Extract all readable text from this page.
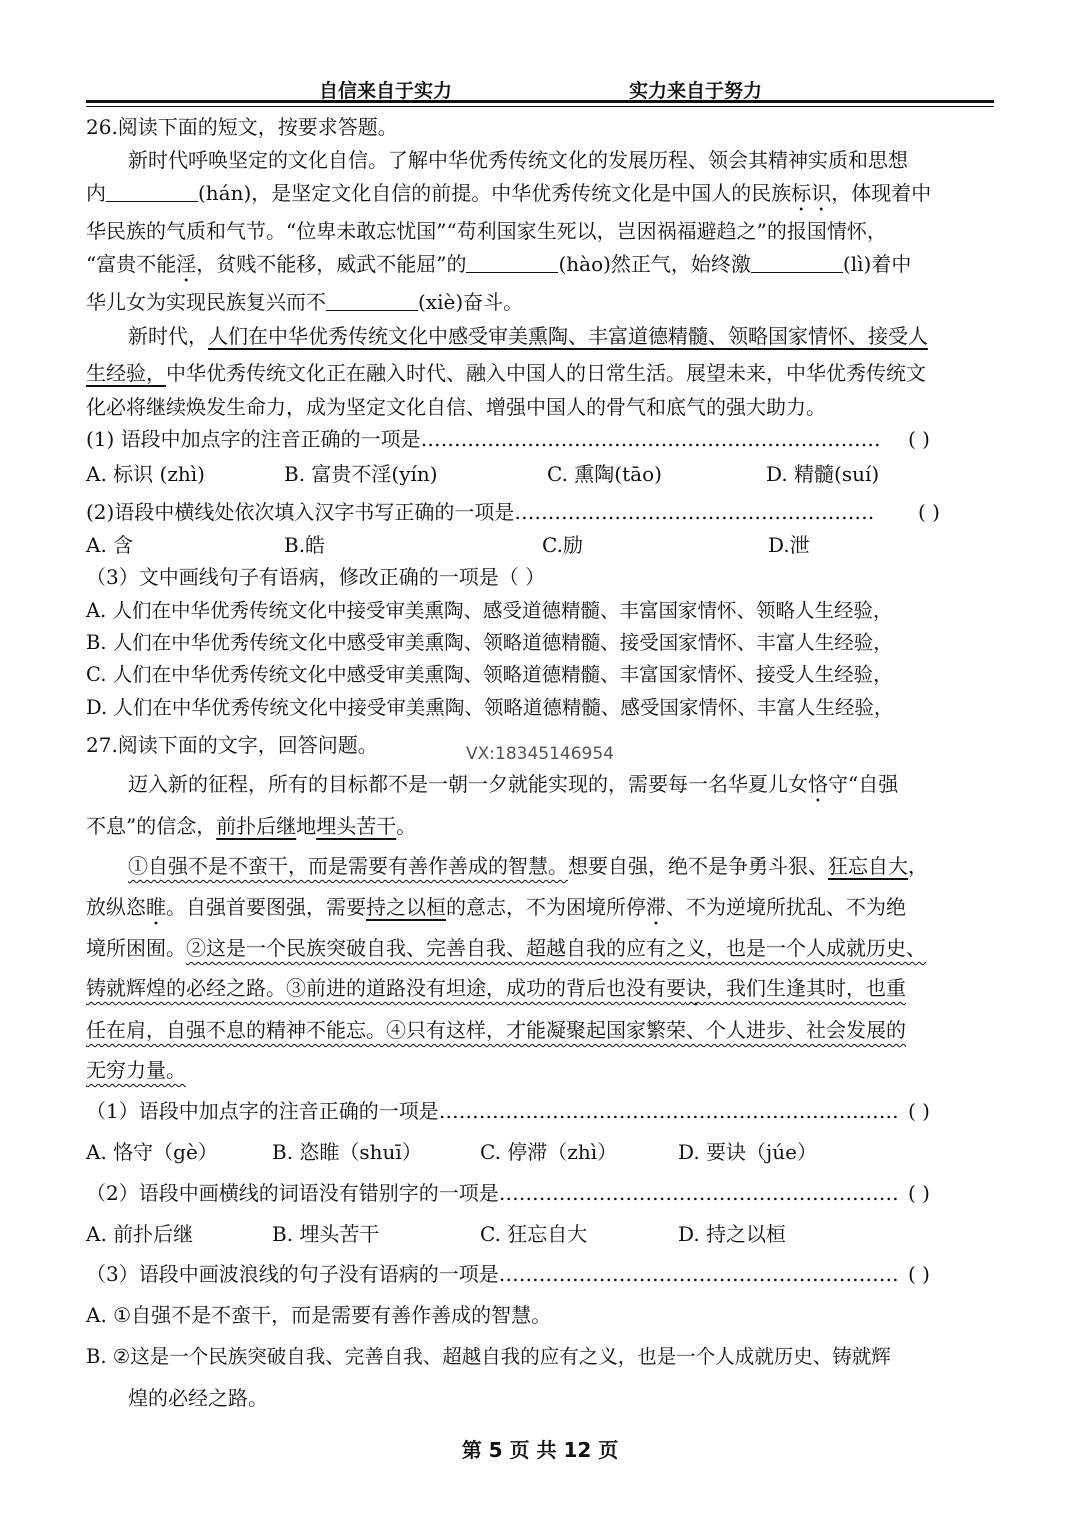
自信来自于实力	实力来自于努力
26.阅读下面的短文，按要求答题。
新时代呼唤坚定的文化自信。了解中华优秀传统文化的发展历程、领会其精神实质和思想
内	(hán)，是坚定文化自信的前提。中华优秀传统文化是中国人的民族标识，体现着中
华民族的气质和气节。“位卑未敢忘忧国”“苟利国家生死以，岂因祸福避趋之”的报国情怀，
“富贵不能淫，贫贱不能移，威武不能屈”的	(hào)然正气，始终激	(lì)着中
华儿女为实现民族复兴而不	(xiè)奋斗。
新时代，人们在中华优秀传统文化中感受审美熏陶、丰富道德精髓、领略国家情怀、接受人
生经验，中华优秀传统文化正在融入时代、融入中国人的日常生活。展望未来，中华优秀传统文
化必将继续焕发生命力，成为坚定文化自信、增强中国人的骨气和底气的强大助力。
(1) 语段中加点字的注音正确的一项是…………………………………………………………… ( )
A. 标识 (zhì)	B. 富贵不淫(yín)	C. 熏陶(tāo)	D. 精髓(suí)
(2)语段中横线处依次填入汉字书写正确的一项是……………………………………………… ( )
A. 含	B.皓	C.励	D.泄
（3）文中画线句子有语病，修改正确的一项是（ ）
A. 人们在中华优秀传统文化中接受审美熏陶、感受道德精髓、丰富国家情怀、领略人生经验，
B. 人们在中华优秀传统文化中感受审美熏陶、领略道德精髓、接受国家情怀、丰富人生经验，
C. 人们在中华优秀传统文化中感受审美熏陶、领略道德精髓、丰富国家情怀、接受人生经验，
D. 人们在中华优秀传统文化中接受审美熏陶、领略道德精髓、感受国家情怀、丰富人生经验，
27.阅读下面的文字，回答问题。
迈入新的征程，所有的目标都不是一朝一夕就能实现的，需要每一名华夏儿女恪守“自强
不息”的信念，前扑后继地埋头苦干。
①自强不是不蛮干，而是需要有善作善成的智慧。想要自强，绝不是争勇斗狠、狂忘自大，
放纵恣睢。自强首要图强，需要持之以桓的意志，不为困境所停滞、不为逆境所扰乱、不为绝
境所困囿。②这是一个民族突破自我、完善自我、超越自我的应有之义，也是一个人成就历史、
铸就辉煌的必经之路。③前进的道路没有坦途，成功的背后也没有要诀，我们生逢其时，也重
任在肩，自强不息的精神不能忘。④只有这样，才能凝聚起国家繁荣、个人进步、社会发展的
无穷力量。
（1）语段中加点字的注音正确的一项是…………………………………………………………… ( )
A. 恪守（gè）	B. 恣睢（shuī）	C. 停滞（zhì）	D. 要诀（júe）
（2）语段中画横线的词语没有错别字的一项是…………………………………………………… ( )
A. 前扑后继	B. 埋头苦干	C. 狂忘自大	D. 持之以桓
（3）语段中画波浪线的句子没有语病的一项是…………………………………………………… ( )
A. ①自强不是不蛮干，而是需要有善作善成的智慧。
B. ②这是一个民族突破自我、完善自我、超越自我的应有之义，也是一个人成就历史、铸就辉
煌的必经之路。
VX:18345146954
第 5 页 共 12 页
